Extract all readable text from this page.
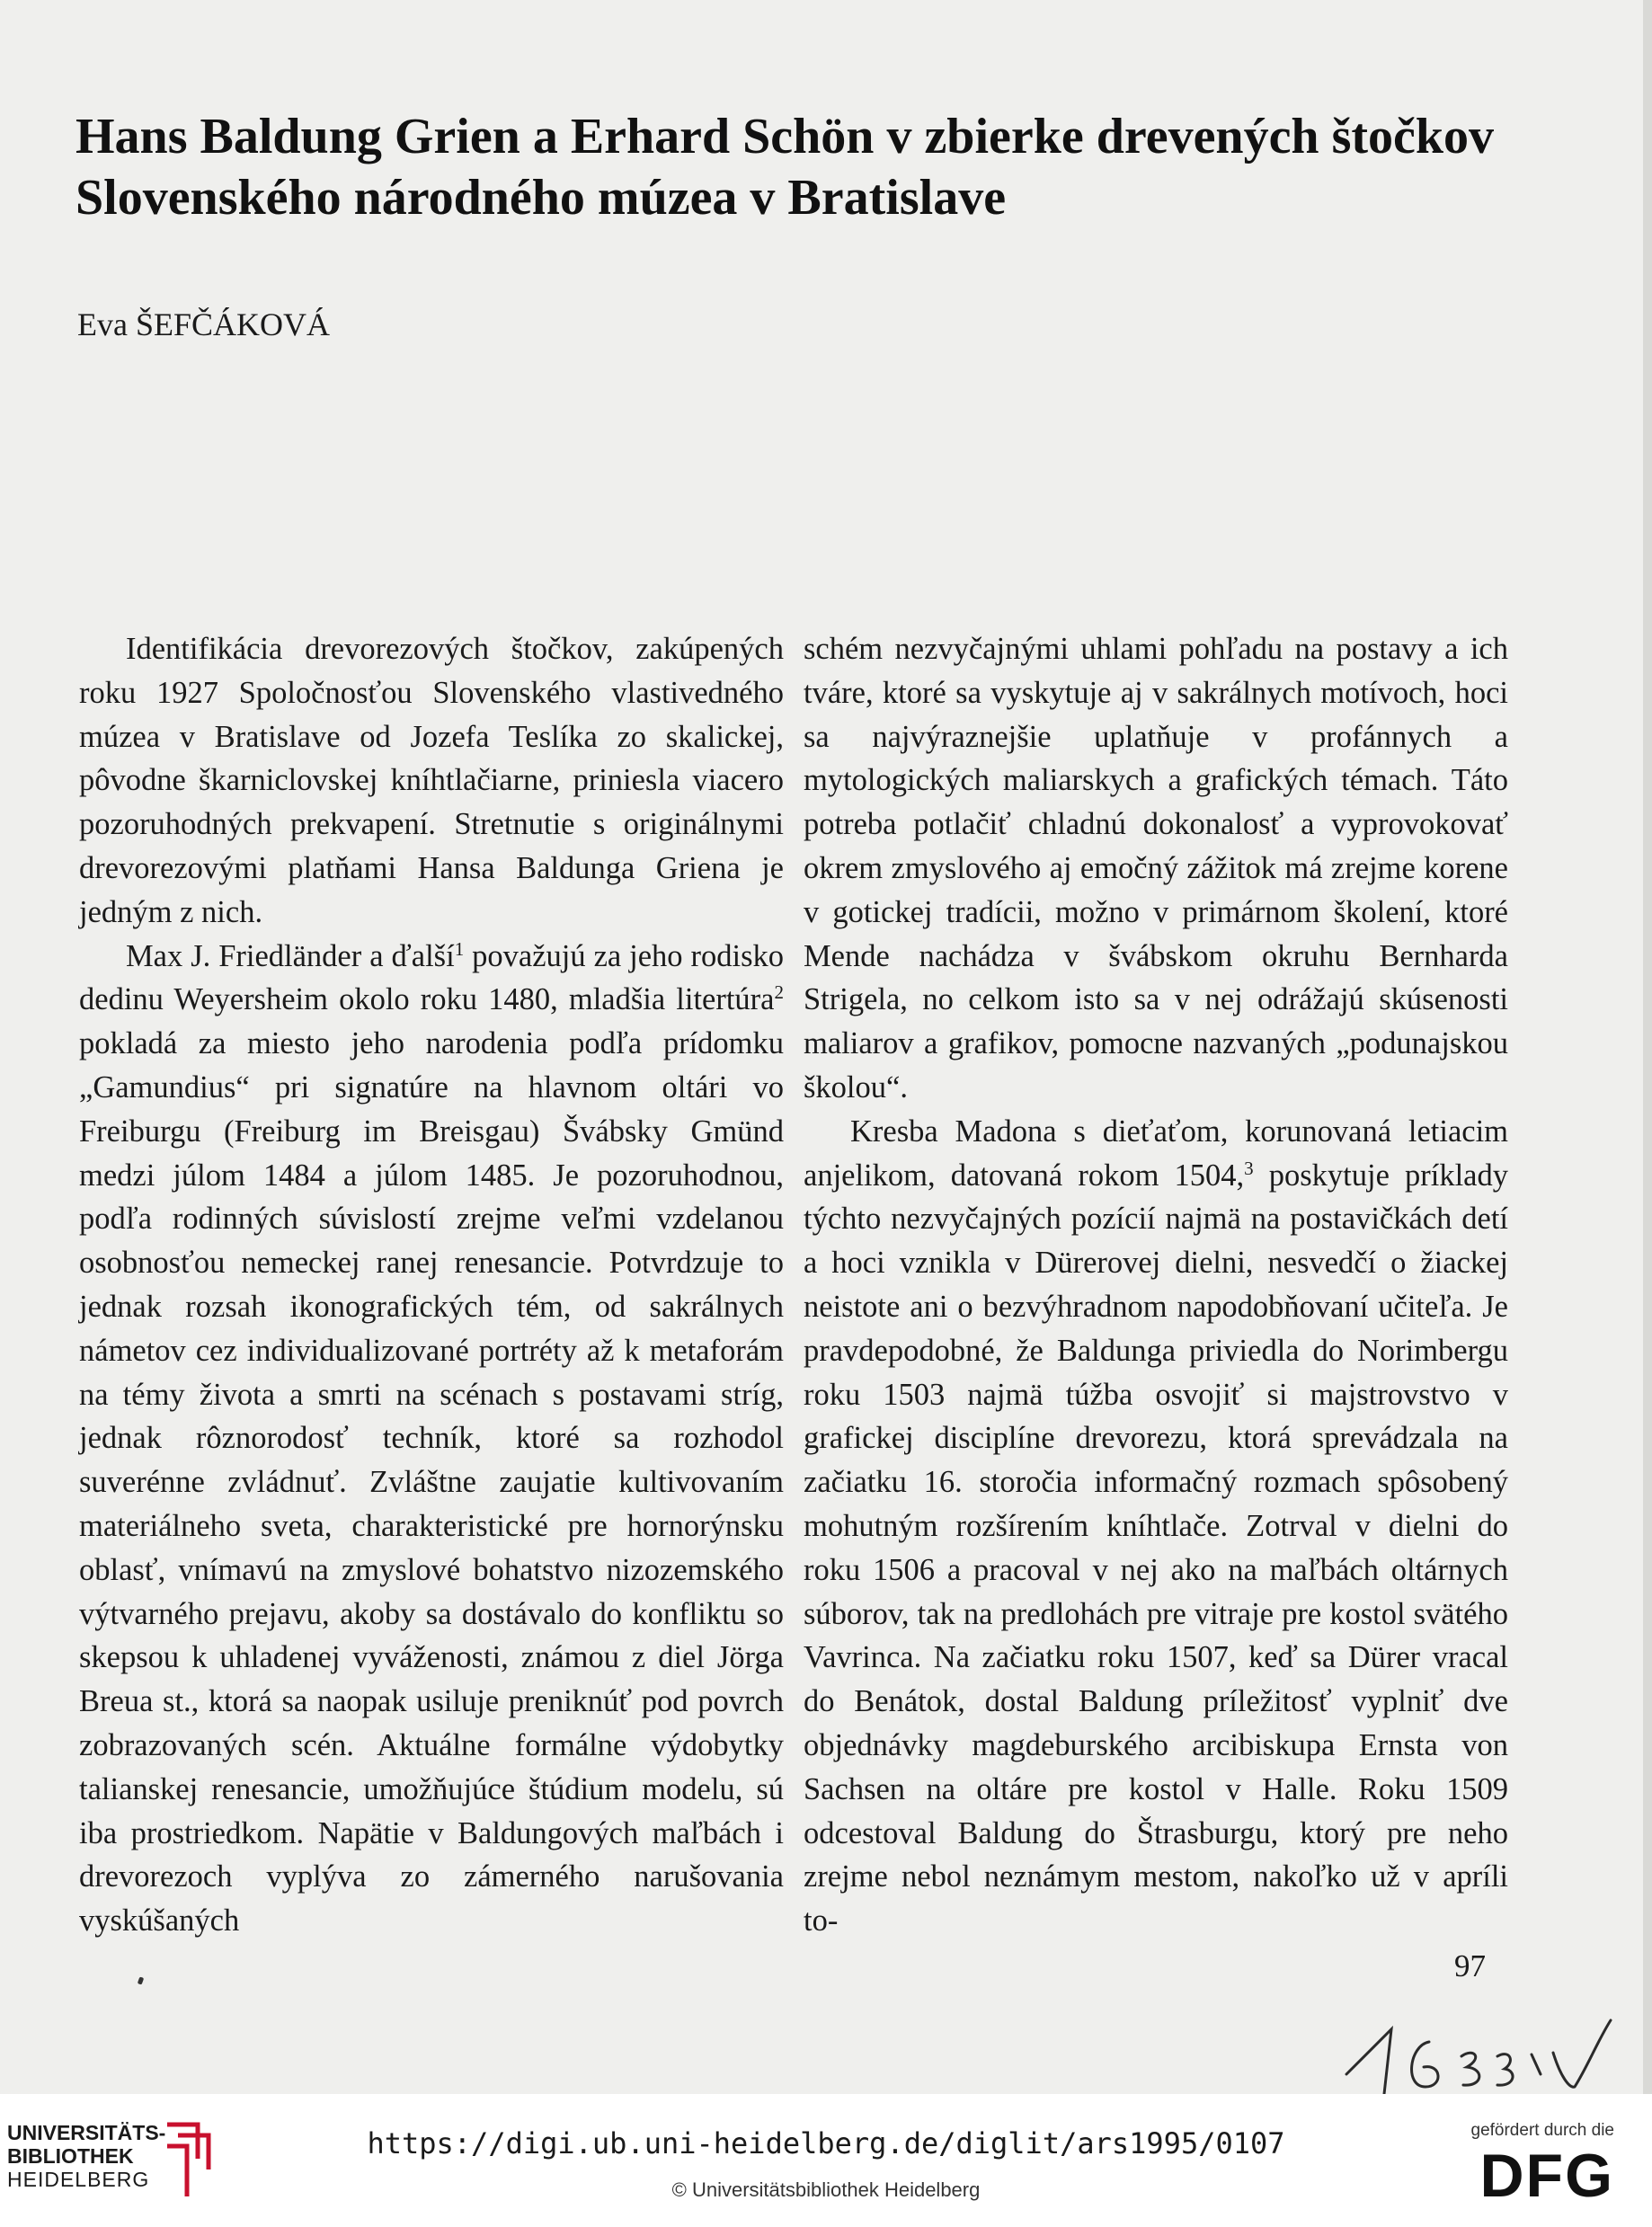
Hans Baldung Grien a Erhard Schön v zbierke drevených štočkov
Slovenského národného múzea v Bratislave
Eva ŠEFČÁKOVÁ

Identifikácia drevorezových štočkov, zakúpených roku 1927 Spoločnosťou Slovenského vlastivedného múzea v Bratislave od Jozefa Teslíka zo skalickej, pôvodne škarniclovskej kníhtlačiarne, priniesla viacero pozoruhodných prekvapení. Stretnutie s originálnymi drevorezovými platňami Hansa Baldunga Griena je jedným z nich.

Max J. Friedländer a ďalší$^1$ považujú za jeho rodisko dedinu Weyersheim okolo roku 1480, mladšia litertúra$^2$ pokladá za miesto jeho narodenia podľa prídomku „Gamundius“ pri signatúre na hlavnom oltári vo Freiburgu (Freiburg im Breisgau) Švábsky Gmünd medzi júlom 1484 a júlom 1485. Je pozoruhodnou, podľa rodinných súvislostí zrejme veľmi vzdelanou osobnosťou nemeckej ranej renesancie. Potvrdzuje to jednak rozsah ikonografických tém, od sakrálnych námetov cez individualizované portréty až k metaforám na témy života a smrti na scénach s postavami stríg, jednak rôznorodosť techník, ktoré sa rozhodol suverénne zvládnuť. Zvláštne zaujatie kultivovaním materiálneho sveta, charakteristické pre hornorýnsku oblasť, vnímavú na zmyslové bohatstvo nizozemského výtvarného prejavu, akoby sa dostávalo do konfliktu so skepsou k uhladenej vyváženosti, známou z diel Jörga Breua st., ktorá sa naopak usiluje preniknúť pod povrch zobrazovaných scén. Aktuálne formálne výdobytky talianskej renesancie, umožňujúce štúdium modelu, sú iba prostriedkom. Napätie v Baldungových maľbách i drevorezoch vyplýva zo zámerného narušovania vyskúšaných

schém nezvyčajnými uhlami pohľadu na postavy a ich tváre, ktoré sa vyskytuje aj v sakrálnych motívoch, hoci sa najvýraznejšie uplatňuje v profánnych a mytologických maliarskych a grafických témach. Táto potreba potlačiť chladnú dokonalosť a vyprovokovať okrem zmyslového aj emočný zážitok má zrejme korene v gotickej tradícii, možno v primárnom školení, ktoré Mende nachádza v švábskom okruhu Bernharda Strigela, no celkom isto sa v nej odrážajú skúsenosti maliarov a grafikov, pomocne nazvaných „podunajskou školou“.

Kresba Madona s dieťaťom, korunovaná letiacim anjelikom, datovaná rokom 1504,$^3$ poskytuje príklady týchto nezvyčajných pozícií najmä na postavičkách detí a hoci vznikla v Dürerovej dielni, nesvedčí o žiackej neistote ani o bezvýhradnom napodobňovaní učiteľa. Je pravdepodobné, že Baldunga priviedla do Norimbergu roku 1503 najmä túžba osvojiť si majstrovstvo v grafickej disciplíne drevorezu, ktorá sprevádzala na začiatku 16. storočia informačný rozmach spôsobený mohutným rozšírením kníhtlače. Zotrval v dielni do roku 1506 a pracoval v nej ako na maľbách oltárnych súborov, tak na predlohách pre vitraje pre kostol svätého Vavrinca. Na začiatku roku 1507, keď sa Dürer vracal do Benátok, dostal Baldung príležitosť vyplniť dve objednávky magdeburského arcibiskupa Ernsta von Sachsen na oltáre pre kostol v Halle. Roku 1509 odcestoval Baldung do Štrasburgu, ktorý pre neho zrejme nebol neznámym mestom, nakoľko už v apríli to-

97
UNIVERSITÄTS-
BIBLIOTHEK
HEIDELBERG
https://digi.ub.uni-heidelberg.de/diglit/ars1995/0107
© Universitätsbibliothek Heidelberg
gefördert durch die
DFG
